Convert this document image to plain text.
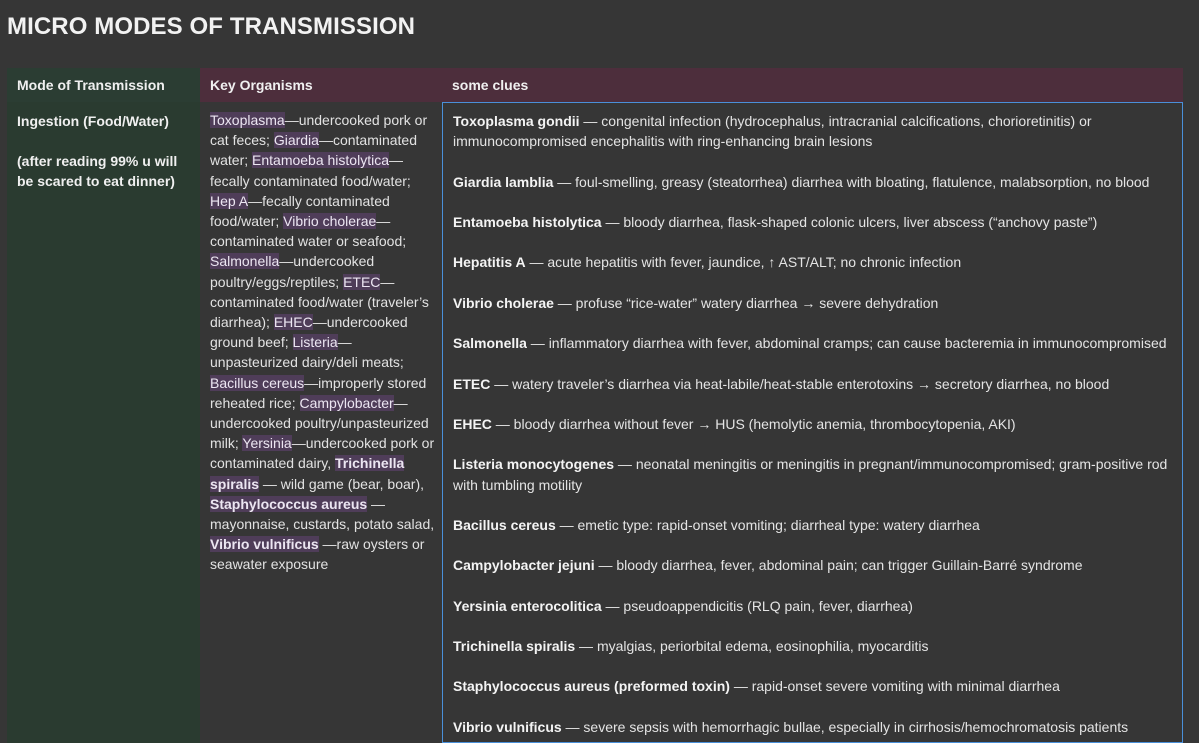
MICRO MODES OF TRANSMISSION
Mode of Transmission	Key Organisms	some clues
Ingestion (Food/Water)
(after reading 99% u will be scared to eat dinner)
Toxoplasma—undercooked pork or cat feces; Giardia—contaminated water; Entamoeba histolytica—fecally contaminated food/water; Hep A—fecally contaminated food/water; Vibrio cholerae—contaminated water or seafood; Salmonella—undercooked poultry/eggs/reptiles; ETEC—contaminated food/water (traveler’s diarrhea); EHEC—undercooked ground beef; Listeria—unpasteurized dairy/deli meats; Bacillus cereus—improperly stored reheated rice; Campylobacter—undercooked poultry/unpasteurized milk; Yersinia—undercooked pork or contaminated dairy, Trichinella spiralis — wild game (bear, boar), Staphylococcus aureus — mayonnaise, custards, potato salad, Vibrio vulnificus —raw oysters or seawater exposure
Toxoplasma gondii — congenital infection (hydrocephalus, intracranial calcifications, chorioretinitis) or immunocompromised encephalitis with ring-enhancing brain lesions
Giardia lamblia — foul-smelling, greasy (steatorrhea) diarrhea with bloating, flatulence, malabsorption, no blood
Entamoeba histolytica — bloody diarrhea, flask-shaped colonic ulcers, liver abscess (“anchovy paste”)
Hepatitis A — acute hepatitis with fever, jaundice, ↑ AST/ALT; no chronic infection
Vibrio cholerae — profuse “rice-water” watery diarrhea → severe dehydration
Salmonella — inflammatory diarrhea with fever, abdominal cramps; can cause bacteremia in immunocompromised
ETEC — watery traveler’s diarrhea via heat-labile/heat-stable enterotoxins → secretory diarrhea, no blood
EHEC — bloody diarrhea without fever → HUS (hemolytic anemia, thrombocytopenia, AKI)
Listeria monocytogenes — neonatal meningitis or meningitis in pregnant/immunocompromised; gram-positive rod with tumbling motility
Bacillus cereus — emetic type: rapid-onset vomiting; diarrheal type: watery diarrhea
Campylobacter jejuni — bloody diarrhea, fever, abdominal pain; can trigger Guillain-Barré syndrome
Yersinia enterocolitica — pseudoappendicitis (RLQ pain, fever, diarrhea)
Trichinella spiralis — myalgias, periorbital edema, eosinophilia, myocarditis
Staphylococcus aureus (preformed toxin) — rapid-onset severe vomiting with minimal diarrhea
Vibrio vulnificus — severe sepsis with hemorrhagic bullae, especially in cirrhosis/hemochromatosis patients
